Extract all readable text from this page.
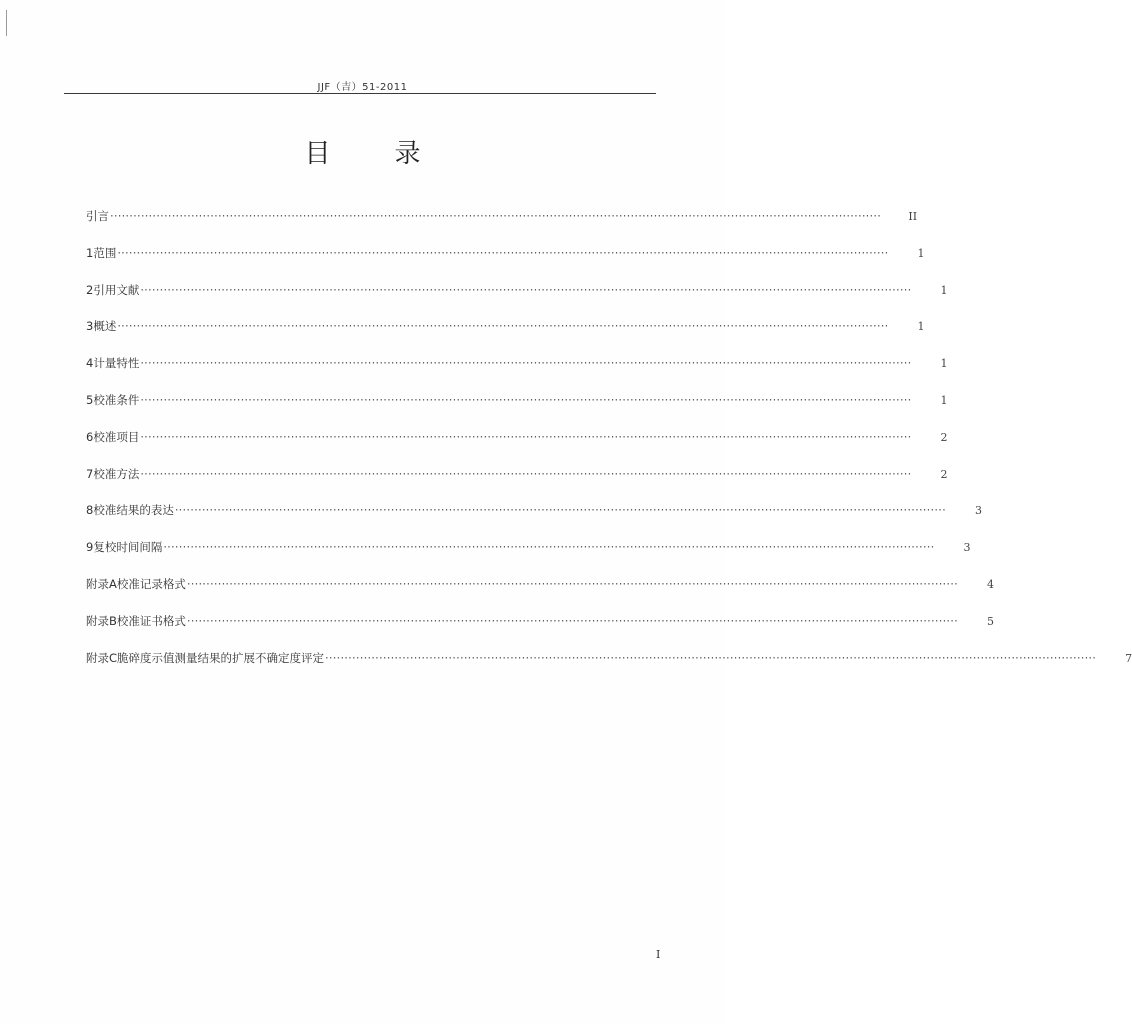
JJF（吉）51-2011
目 录
引言 ········································································································································································································	II
1 范围 ········································································································································································································	1
2 引用文献 ········································································································································································································	1
3 概述 ········································································································································································································	1
4 计量特性 ········································································································································································································	1
5 校准条件 ········································································································································································································	1
6 校准项目 ········································································································································································································	2
7 校准方法 ········································································································································································································	2
8 校准结果的表达 ········································································································································································································	3
9 复校时间间隔 ········································································································································································································	3
附录A校准记录格式 ········································································································································································································	4
附录B校准证书格式 ········································································································································································································	5
附录C脆碎度示值测量结果的扩展不确定度评定 ········································································································································································································	7
I
